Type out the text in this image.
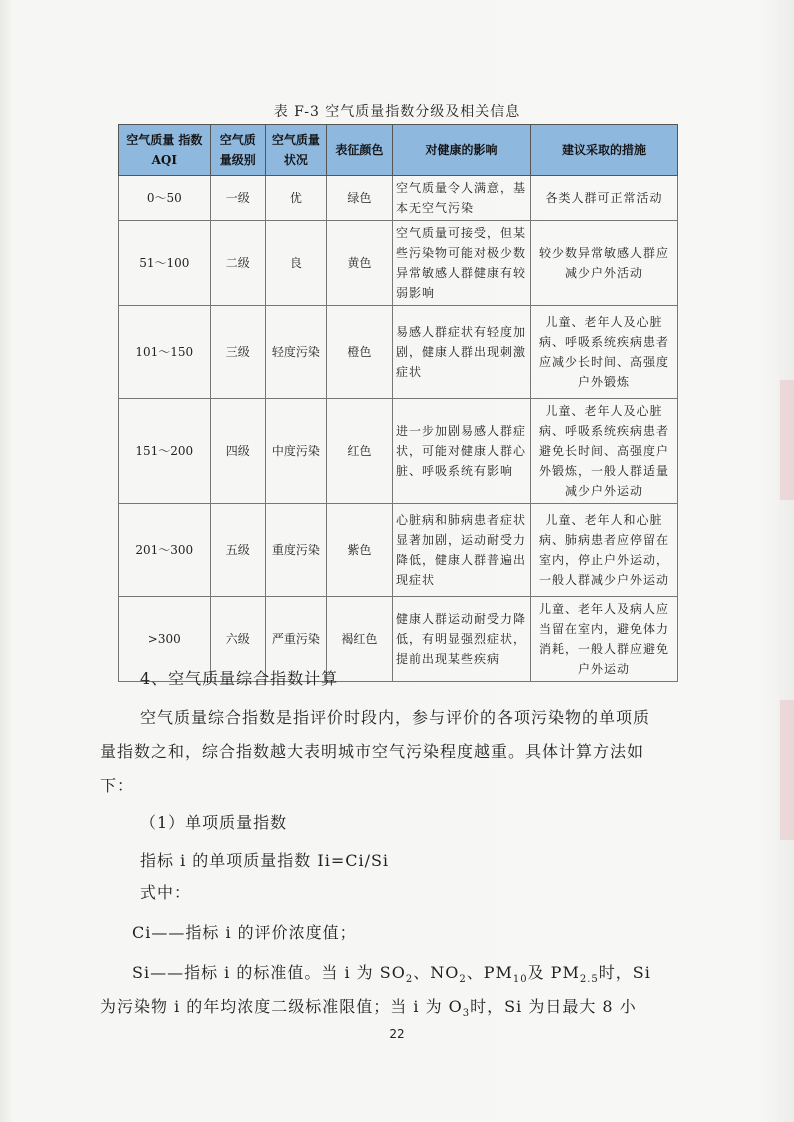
表 F-3 空气质量指数分级及相关信息
空气质量 指数AQI	空气质量级别	空气质量状况	表征颜色	对健康的影响	建议采取的措施
0～50	一级	优	绿色	空气质量令人满意，基本无空气污染	各类人群可正常活动
51～100	二级	良	黄色	空气质量可接受，但某些污染物可能对极少数异常敏感人群健康有较弱影响	较少数异常敏感人群应减少户外活动
101～150	三级	轻度污染	橙色	易感人群症状有轻度加剧，健康人群出现刺激症状	儿童、老年人及心脏病、呼吸系统疾病患者应减少长时间、高强度户外锻炼
151～200	四级	中度污染	红色	进一步加剧易感人群症状，可能对健康人群心脏、呼吸系统有影响	儿童、老年人及心脏病、呼吸系统疾病患者避免长时间、高强度户外锻炼，一般人群适量减少户外运动
201～300	五级	重度污染	紫色	心脏病和肺病患者症状显著加剧，运动耐受力降低，健康人群普遍出现症状	儿童、老年人和心脏病、肺病患者应停留在室内，停止户外运动，一般人群减少户外运动
>300	六级	严重污染	褐红色	健康人群运动耐受力降低，有明显强烈症状，提前出现某些疾病	儿童、老年人及病人应当留在室内，避免体力消耗，一般人群应避免户外运动
4、空气质量综合指数计算
空气质量综合指数是指评价时段内，参与评价的各项污染物的单项质量指数之和，综合指数越大表明城市空气污染程度越重。具体计算方法如下：
（1）单项质量指数
指标 i 的单项质量指数 Ii=Ci/Si
式中：
Ci——指标 i 的评价浓度值；
Si——指标 i 的标准值。当 i 为 $SO_2$、$NO_2$、$PM_{10}$及 $PM_{2.5}$时，Si
为污染物 i 的年均浓度二级标准限值；当 i 为 $O_3$时，Si 为日最大 8 小
22
